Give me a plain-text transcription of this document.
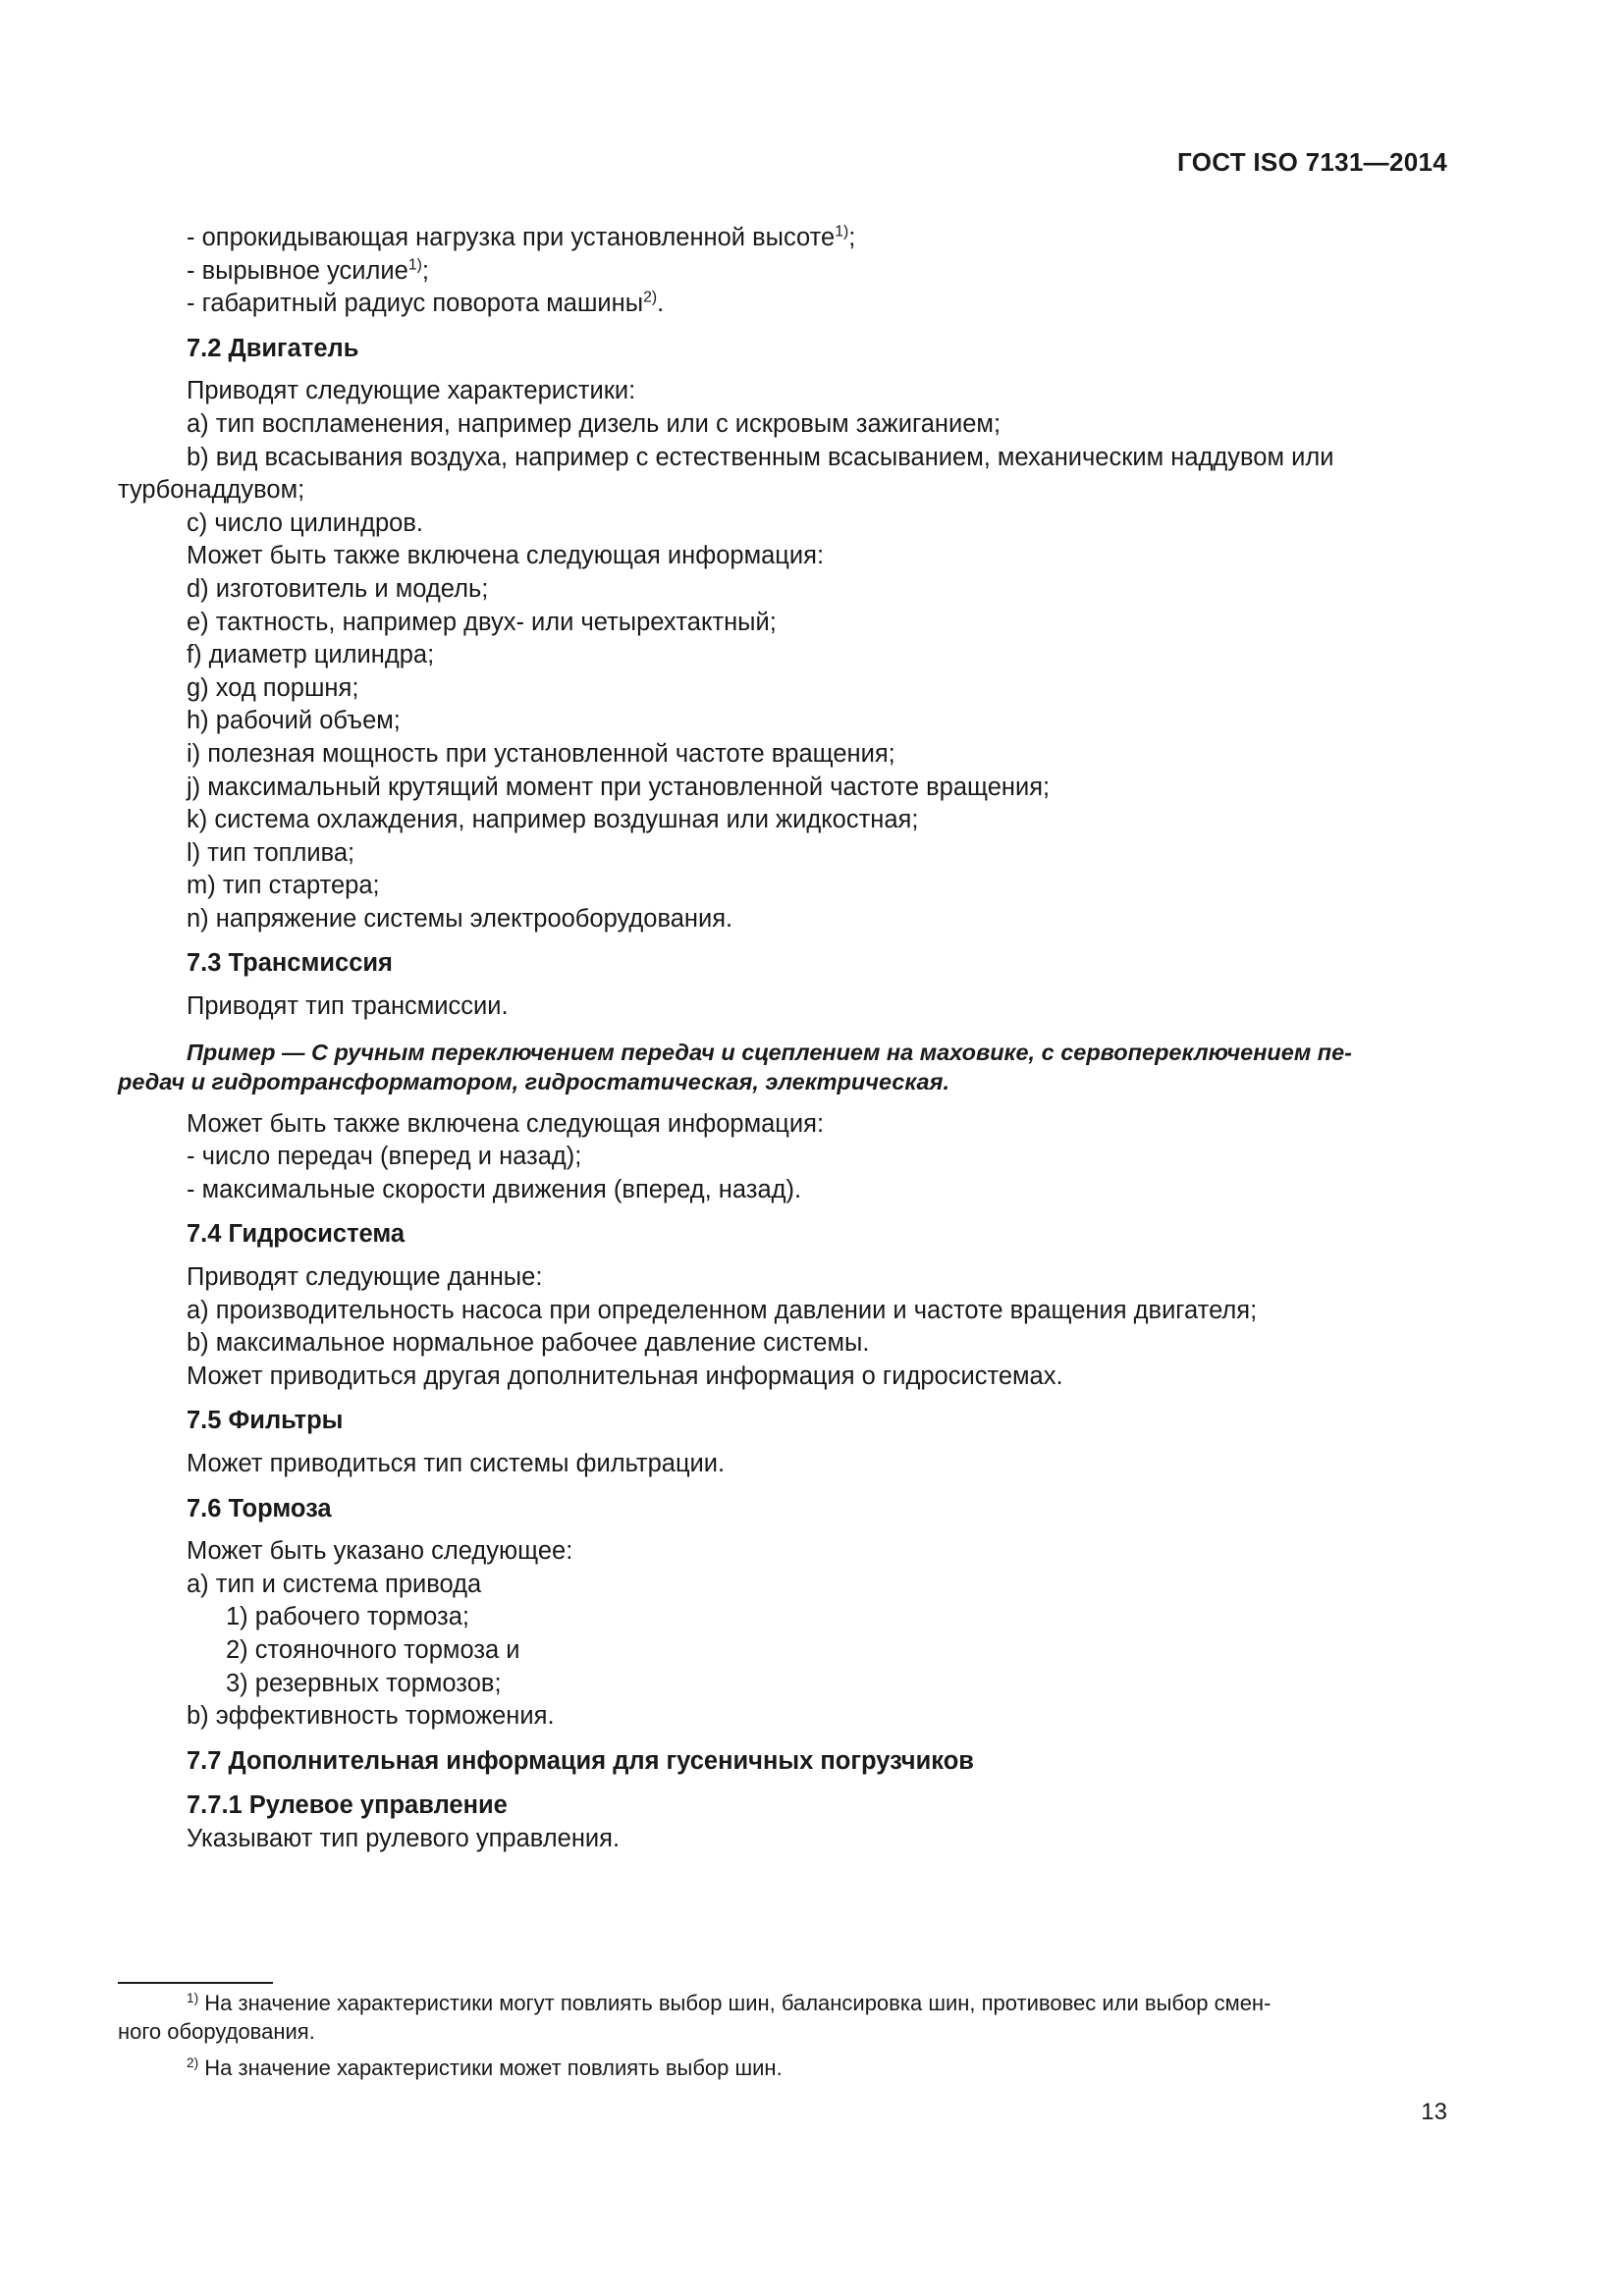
ГОСТ ISO 7131—2014
- опрокидывающая нагрузка при установленной высоте$^{1)}$;
- вырывное усилие$^{1)}$;
- габаритный радиус поворота машины$^{2)}$.
7.2 Двигатель
Приводят следующие характеристики:
а) тип воспламенения, например дизель или с искровым зажиганием;
b) вид всасывания воздуха, например с естественным всасыванием, механическим наддувом или
турбонаддувом;
с) число цилиндров.
Может быть также включена следующая информация:
d) изготовитель и модель;
е) тактность, например двух- или четырехтактный;
f) диаметр цилиндра;
g) ход поршня;
h) рабочий объем;
i) полезная мощность при установленной частоте вращения;
j) максимальный крутящий момент при установленной частоте вращения;
k) система охлаждения, например воздушная или жидкостная;
l) тип топлива;
m) тип стартера;
n) напряжение системы электрооборудования.
7.3 Трансмиссия
Приводят тип трансмиссии.
Пример — С ручным переключением передач и сцеплением на маховике, с сервопереключением пе-
редач и гидротрансформатором, гидростатическая, электрическая.
Может быть также включена следующая информация:
- число передач (вперед и назад);
- максимальные скорости движения (вперед, назад).
7.4 Гидросистема
Приводят следующие данные:
а) производительность насоса при определенном давлении и частоте вращения двигателя;
b) максимальное нормальное рабочее давление системы.
Может приводиться другая дополнительная информация о гидросистемах.
7.5 Фильтры
Может приводиться тип системы фильтрации.
7.6 Тормоза
Может быть указано следующее:
а) тип и система привода
1) рабочего тормоза;
2) стояночного тормоза и
3) резервных тормозов;
b) эффективность торможения.
7.7 Дополнительная информация для гусеничных погрузчиков
7.7.1 Рулевое управление
Указывают тип рулевого управления.
$^{1)}$ На значение характеристики могут повлиять выбор шин, балансировка шин, противовес или выбор смен-
ного оборудования.
$^{2)}$ На значение характеристики может повлиять выбор шин.
13
